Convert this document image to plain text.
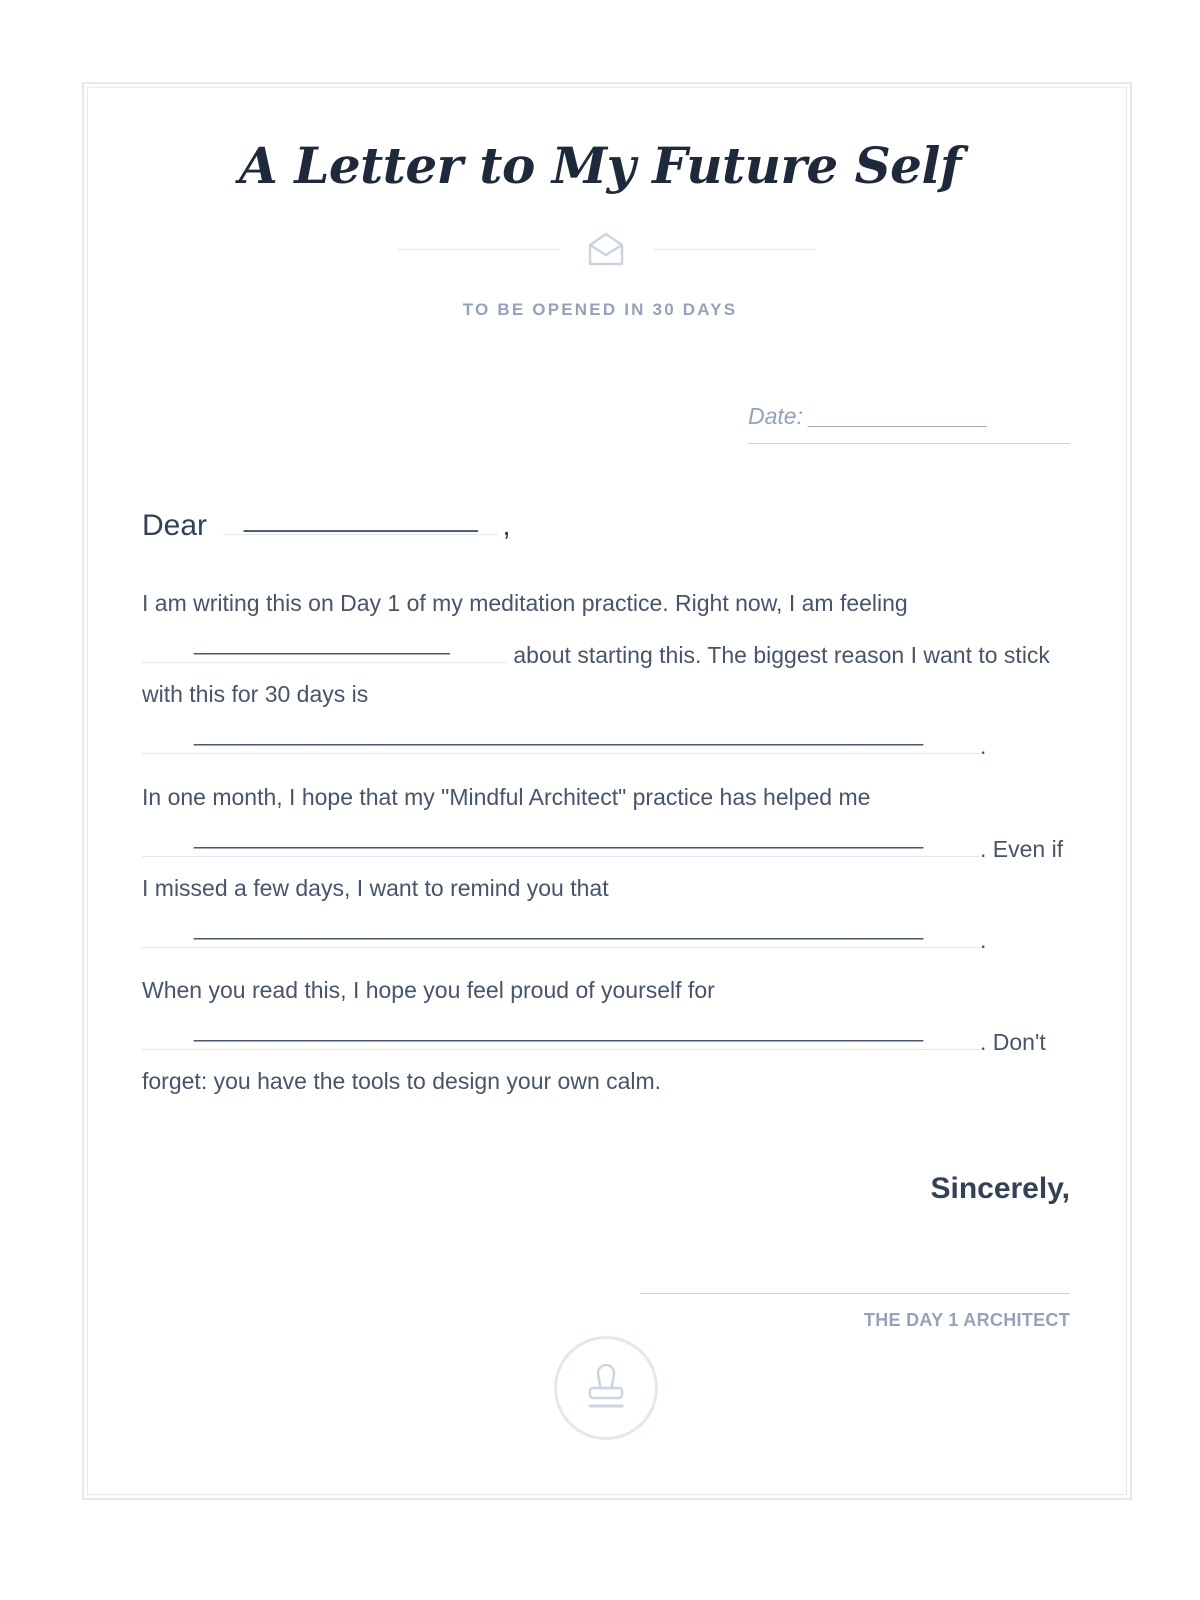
A Letter to My Future Self
TO BE OPENED IN 30 DAYS
Date: ______________
Dear ______________ ,
I am writing this on Day 1 of my meditation practice. Right now, I am feeling
____________________ about starting this. The biggest reason I want to stick with this for 30 days is
_________________________________________________________ .
In one month, I hope that my "Mindful Architect" practice has helped me
_________________________________________________________ . Even if I missed a few days, I want to remind you that
_________________________________________________________ .
When you read this, I hope you feel proud of yourself for
_________________________________________________________ . Don't forget: you have the tools to design your own calm.
Sincerely,
THE DAY 1 ARCHITECT
